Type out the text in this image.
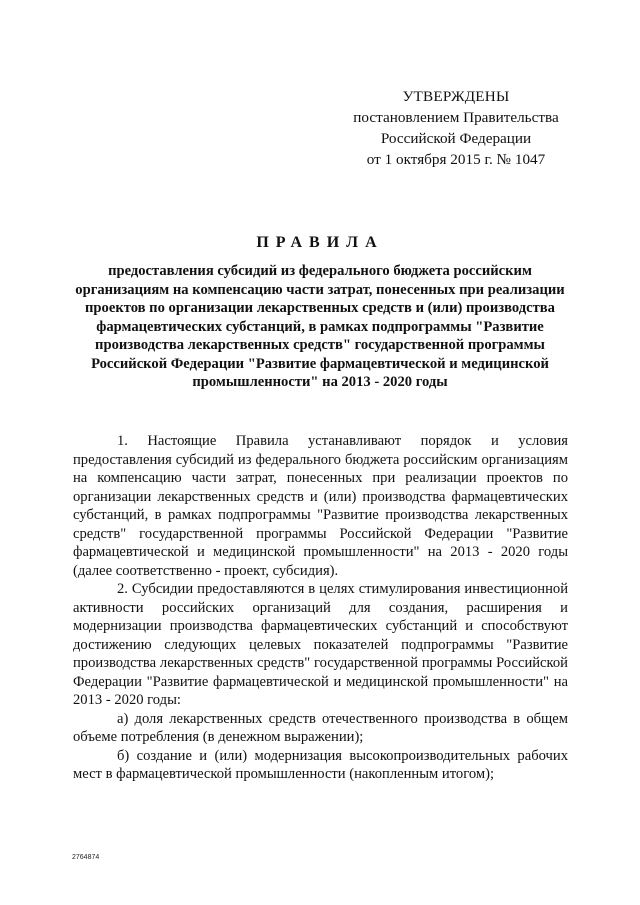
УТВЕРЖДЕНЫ
постановлением Правительства
Российской Федерации
от 1 октября 2015 г. № 1047
ПРАВИЛА
предоставления субсидий из федерального бюджета российским организациям на компенсацию части затрат, понесенных при реализации проектов по организации лекарственных средств и (или) производства фармацевтических субстанций, в рамках подпрограммы "Развитие производства лекарственных средств" государственной программы Российской Федерации "Развитие фармацевтической и медицинской промышленности" на 2013 - 2020 годы

1. Настоящие Правила устанавливают порядок и условия предоставления субсидий из федерального бюджета российским организациям на компенсацию части затрат, понесенных при реализации проектов по организации лекарственных средств и (или) производства фармацевтических субстанций, в рамках подпрограммы "Развитие производства лекарственных средств" государственной программы Российской Федерации "Развитие фармацевтической и медицинской промышленности" на 2013 - 2020 годы (далее соответственно - проект, субсидия).

2. Субсидии предоставляются в целях стимулирования инвестиционной активности российских организаций для создания, расширения и модернизации производства фармацевтических субстанций и способствуют достижению следующих целевых показателей подпрограммы "Развитие производства лекарственных средств" государственной программы Российской Федерации "Развитие фармацевтической и медицинской промышленности" на 2013 - 2020 годы:

а) доля лекарственных средств отечественного производства в общем объеме потребления (в денежном выражении);

б) создание и (или) модернизация высокопроизводительных рабочих мест в фармацевтической промышленности (накопленным итогом);

2764874
